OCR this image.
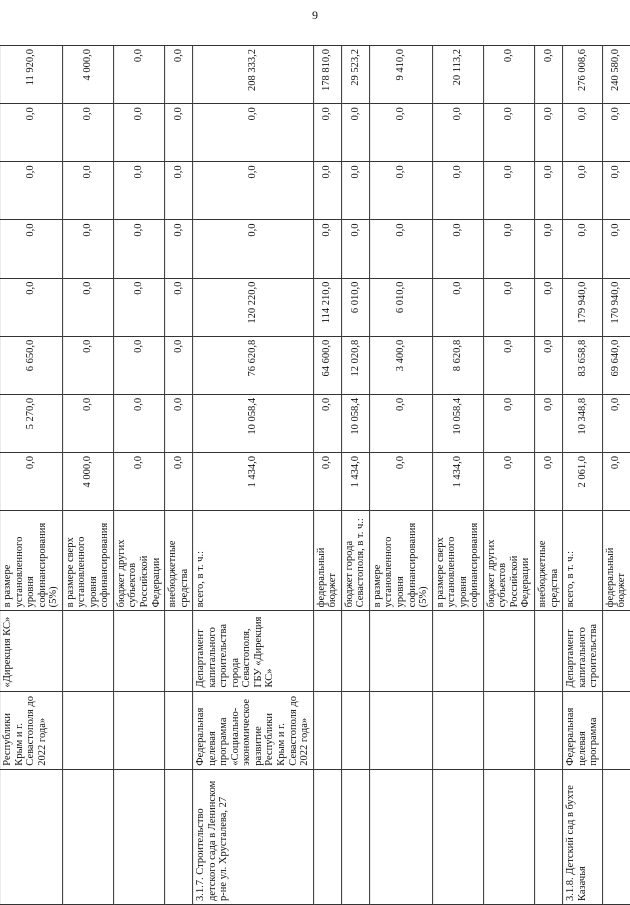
9
	Республики Крым и г. Севастополя до 2022 года»	«Дирекция КС»	в размере установленного уровня софинансирования (5%)	0,0	5 270,0	6 650,0	0,0	0,0	0,0	0,0	11 920,0
			в размере сверх установленного уровня софинансирования	4 000,0	0,0	0,0	0,0	0,0	0,0	0,0	4 000,0
			бюджет других субъектов Российской Федерации	0,0	0,0	0,0	0,0	0,0	0,0	0,0	0,0
			внебюджетные средства	0,0	0,0	0,0	0,0	0,0	0,0	0,0	0,0
3.1.7. Строительство детского сада в Ленинском р-не ул. Хрусталева, 27	Федеральная целевая программа «Социально-экономическое развитие Республики Крым и г. Севастополя до 2022 года»	Департамент капитального строительства города Севастополя, ГБУ «Дирекция КС»	всего, в т. ч.:	1 434,0	10 058,4	76 620,8	120 220,0	0,0	0,0	0,0	208 333,2
			федеральный бюджет	0,0	0,0	64 600,0	114 210,0	0,0	0,0	0,0	178 810,0
			бюджет города Севастополя, в т. ч.:	1 434,0	10 058,4	12 020,8	6 010,0	0,0	0,0	0,0	29 523,2
			в размере установленного уровня софинансирования (5%)	0,0	0,0	3 400,0	6 010,0	0,0	0,0	0,0	9 410,0
			в размере сверх установленного уровня софинансирования	1 434,0	10 058,4	8 620,8	0,0	0,0	0,0	0,0	20 113,2
			бюджет других субъектов Российской Федерации	0,0	0,0	0,0	0,0	0,0	0,0	0,0	0,0
			внебюджетные средства	0,0	0,0	0,0	0,0	0,0	0,0	0,0	0,0
3.1.8. Детский сад в бухте Казачья	Федеральная целевая программа	Департамент капитального строительства	всего, в т. ч.:	2 061,0	10 348,8	83 658,8	179 940,0	0,0	0,0	0,0	276 008,6
			федеральный бюджет	0,0	0,0	69 640,0	170 940,0	0,0	0,0	0,0	240 580,0
